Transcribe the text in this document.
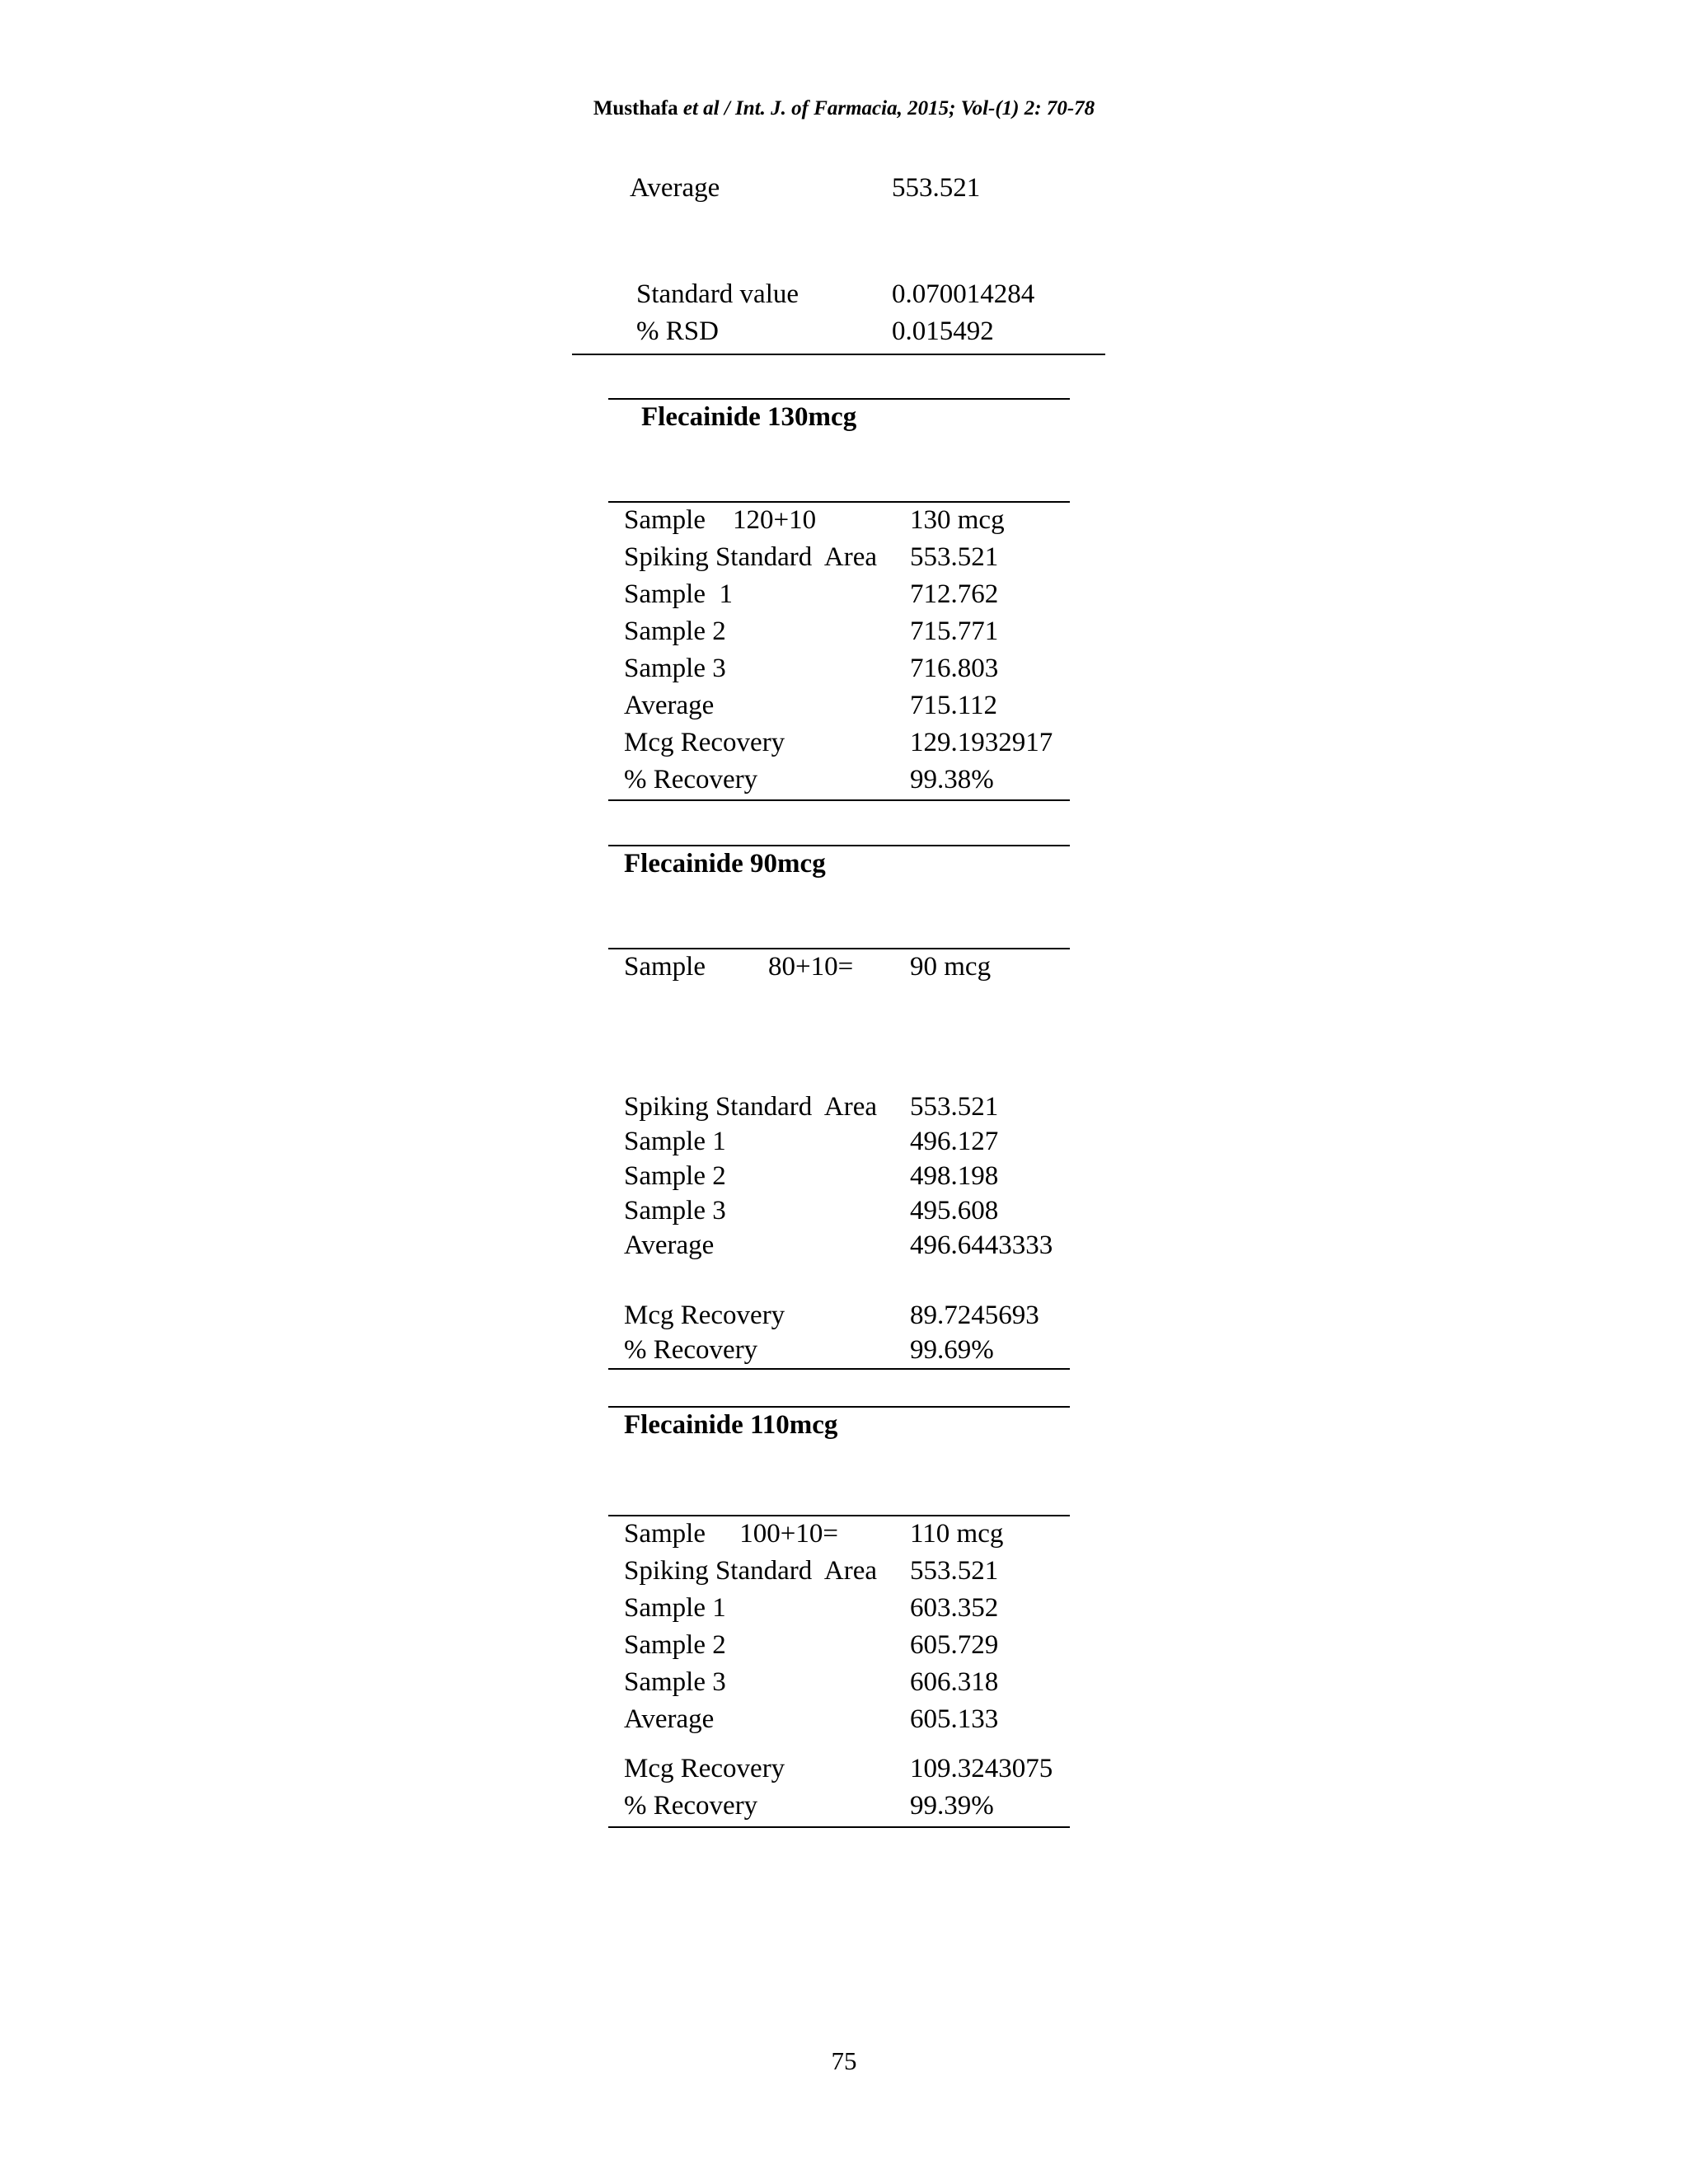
Musthafa et al / Int. J. of Farmacia, 2015; Vol-(1) 2: 70-78
Average	553.521
Standard value	0.070014284
% RSD	0.015492
Flecainide 130mcg
Sample    120+10	130 mcg
Spiking Standard  Area 553.521
Sample  1	712.762
Sample 2	715.771
Sample 3	716.803
Average	715.112
Mcg Recovery	129.1932917
% Recovery	99.38%
Flecainide 90mcg
Sample 80+10= 90 mcg
Spiking Standard  Area 553.521
Sample 1	496.127
Sample 2	498.198
Sample 3	495.608
Average	496.6443333
Mcg Recovery	89.7245693
% Recovery	99.69%
Flecainide 110mcg
Sample     100+10=	110 mcg
Spiking Standard  Area 553.521
Sample 1	603.352
Sample 2	605.729
Sample 3	606.318
Average	605.133
Mcg Recovery	109.3243075
% Recovery	99.39%
75
